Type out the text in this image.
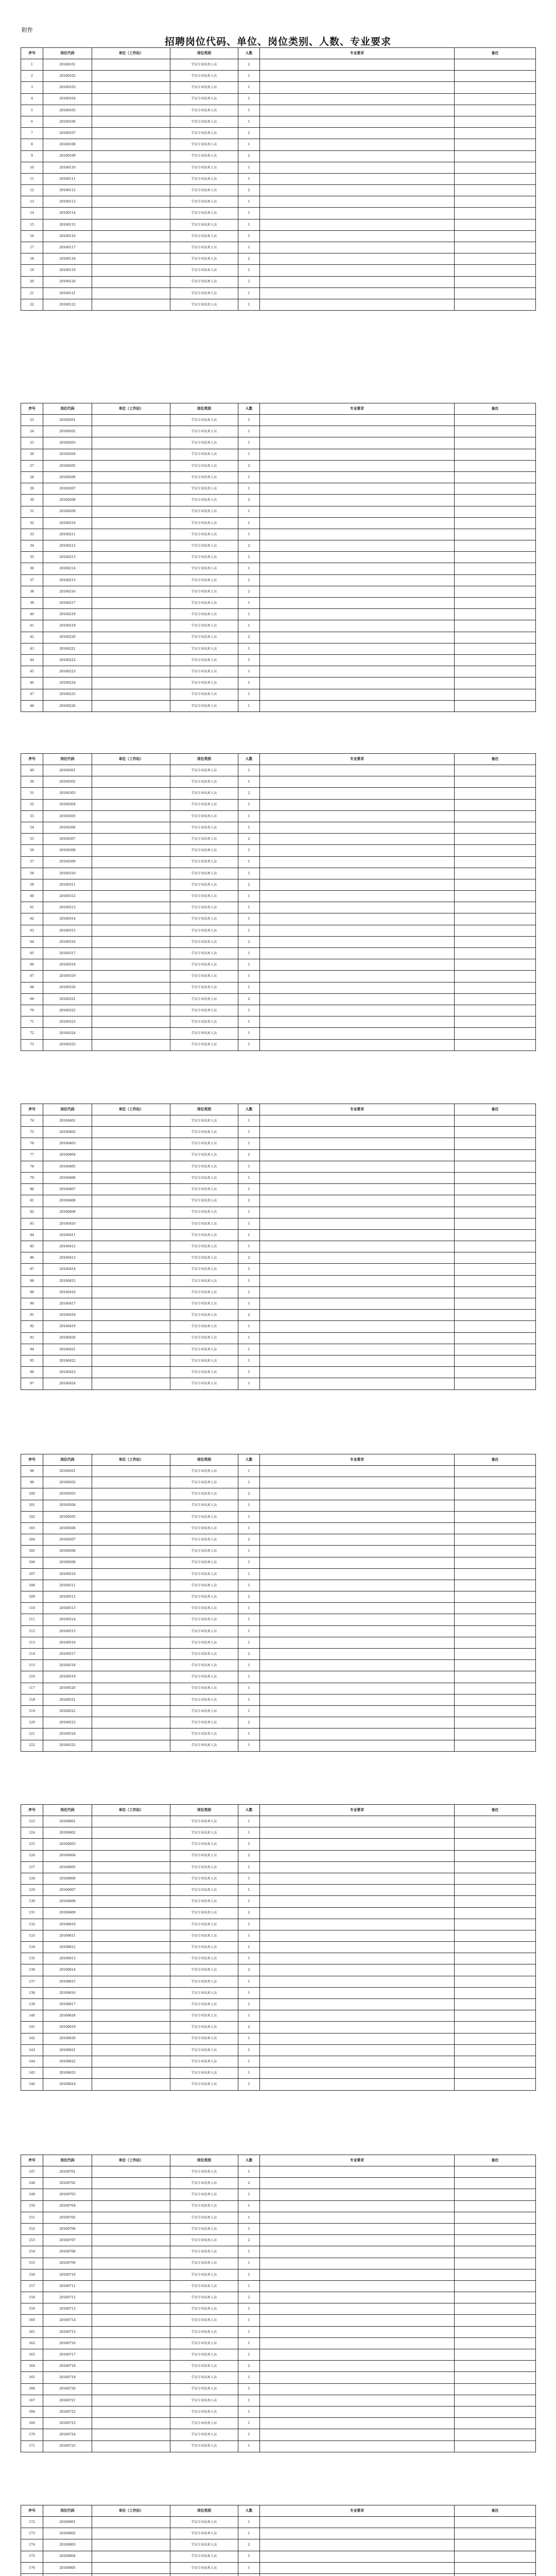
附件
招聘岗位代码、单位、岗位类别、人数、专业要求
序号	岗位代码	单位（工作站）	岗位类别	人数	专业要求	备注
1	20160101		学员专业技术人员	2		
2	20160102		学员专业技术人员	1		
3	20160103		学员专业技术人员	1		
4	20160104		学员专业技术人员	1		
5	20160105		学员专业技术人员	1		
6	20160106		学员专业技术人员	1		
7	20160107		学员专业技术人员	2		
8	20160108		学员专业技术人员	1		
9	20160109		学员专业技术人员	2		
10	20160110		学员专业技术人员	1		
11	20160111		学员专业技术人员	1		
12	20160112		学员专业技术人员	2		
13	20160113		学员专业技术人员	1		
14	20160114		学员专业技术人员	1		
15	20160115		学员专业技术人员	1		
16	20160116		学员专业技术人员	1		
17	20160117		学员专业技术人员	1		
18	20160118		学员专业技术人员	2		
19	20160119		学员专业技术人员	1		
20	20160120		学员专业技术人员	2		
21	20160121		学员专业技术人员	1		
22	20160122		学员专业技术人员	1		
序号	岗位代码	单位（工作站）	岗位类别	人数	专业要求	备注
23	20160201		学员专业技术人员	1		
24	20160202		学员专业技术人员	1		
25	20160203		学员专业技术人员	1		
26	20160204		学员专业技术人员	1		
27	20160205		学员专业技术人员	2		
28	20160206		学员专业技术人员	1		
29	20160207		学员专业技术人员	1		
30	20160208		学员专业技术人员	2		
31	20160209		学员专业技术人员	1		
32	20160210		学员专业技术人员	1		
33	20160211		学员专业技术人员	1		
34	20160212		学员专业技术人员	2		
35	20160213		学员专业技术人员	1		
36	20160214		学员专业技术人员	1		
37	20160215		学员专业技术人员	1		
38	20160216		学员专业技术人员	2		
39	20160217		学员专业技术人员	1		
40	20160218		学员专业技术人员	1		
41	20160219		学员专业技术人员	1		
42	20160220		学员专业技术人员	2		
43	20160221		学员专业技术人员	1		
44	20160222		学员专业技术人员	1		
45	20160223		学员专业技术人员	1		
46	20160224		学员专业技术人员	1		
47	20160225		学员专业技术人员	1		
48	20160226		学员专业技术人员	1		
序号	岗位代码	单位（工作站）	岗位类别	人数	专业要求	备注
49	20160301		学员专业技术人员	1		
50	20160302		学员专业技术人员	1		
51	20160303		学员专业技术人员	2		
52	20160304		学员专业技术人员	1		
53	20160305		学员专业技术人员	1		
54	20160306		学员专业技术人员	1		
55	20160307		学员专业技术人员	2		
56	20160308		学员专业技术人员	1		
57	20160309		学员专业技术人员	1		
58	20160310		学员专业技术人员	1		
59	20160311		学员专业技术人员	2		
60	20160312		学员专业技术人员	1		
61	20160313		学员专业技术人员	1		
62	20160314		学员专业技术人员	1		
63	20160315		学员专业技术人员	1		
64	20160316		学员专业技术人员	2		
65	20160317		学员专业技术人员	1		
66	20160318		学员专业技术人员	1		
67	20160319		学员专业技术人员	1		
68	20160320		学员专业技术人员	1		
69	20160321		学员专业技术人员	2		
70	20160322		学员专业技术人员	1		
71	20160323		学员专业技术人员	1		
72	20160324		学员专业技术人员	1		
73	20160325		学员专业技术人员	1		
序号	岗位代码	单位（工作站）	岗位类别	人数	专业要求	备注
74	20160401		学员专业技术人员	1		
75	20160402		学员专业技术人员	1		
76	20160403		学员专业技术人员	1		
77	20160404		学员专业技术人员	2		
78	20160405		学员专业技术人员	1		
79	20160406		学员专业技术人员	1		
80	20160407		学员专业技术人员	1		
81	20160408		学员专业技术人员	2		
82	20160409		学员专业技术人员	1		
83	20160410		学员专业技术人员	1		
84	20160411		学员专业技术人员	1		
85	20160412		学员专业技术人员	1		
86	20160413		学员专业技术人员	2		
87	20160414		学员专业技术人员	1		
88	20160415		学员专业技术人员	1		
89	20160416		学员专业技术人员	1		
90	20160417		学员专业技术人员	1		
91	20160418		学员专业技术人员	2		
92	20160419		学员专业技术人员	1		
93	20160420		学员专业技术人员	1		
94	20160421		学员专业技术人员	1		
95	20160422		学员专业技术人员	1		
96	20160423		学员专业技术人员	1		
97	20160424		学员专业技术人员	1		
序号	岗位代码	单位（工作站）	岗位类别	人数	专业要求	备注
98	20160501		学员专业技术人员	1		
99	20160502		学员专业技术人员	1		
100	20160503		学员专业技术人员	2		
101	20160504		学员专业技术人员	1		
102	20160505		学员专业技术人员	1		
103	20160506		学员专业技术人员	1		
104	20160507		学员专业技术人员	2		
105	20160508		学员专业技术人员	1		
106	20160509		学员专业技术人员	1		
107	20160510		学员专业技术人员	1		
108	20160511		学员专业技术人员	1		
109	20160512		学员专业技术人员	2		
110	20160513		学员专业技术人员	1		
111	20160514		学员专业技术人员	1		
112	20160515		学员专业技术人员	1		
113	20160516		学员专业技术人员	1		
114	20160517		学员专业技术人员	2		
115	20160518		学员专业技术人员	1		
116	20160519		学员专业技术人员	1		
117	20160520		学员专业技术人员	1		
118	20160521		学员专业技术人员	1		
119	20160522		学员专业技术人员	1		
120	20160523		学员专业技术人员	2		
121	20160524		学员专业技术人员	1		
122	20160525		学员专业技术人员	1		
序号	岗位代码	单位（工作站）	岗位类别	人数	专业要求	备注
123	20160601		学员专业技术人员	1		
124	20160602		学员专业技术人员	1		
125	20160603		学员专业技术人员	1		
126	20160604		学员专业技术人员	2		
127	20160605		学员专业技术人员	1		
128	20160606		学员专业技术人员	1		
129	20160607		学员专业技术人员	1		
130	20160608		学员专业技术人员	1		
131	20160609		学员专业技术人员	2		
132	20160610		学员专业技术人员	1		
133	20160611		学员专业技术人员	1		
134	20160612		学员专业技术人员	1		
135	20160613		学员专业技术人员	1		
136	20160614		学员专业技术人员	2		
137	20160615		学员专业技术人员	1		
138	20160616		学员专业技术人员	1		
139	20160617		学员专业技术人员	1		
140	20160618		学员专业技术人员	1		
141	20160619		学员专业技术人员	2		
142	20160620		学员专业技术人员	1		
143	20160621		学员专业技术人员	1		
144	20160622		学员专业技术人员	1		
145	20160623		学员专业技术人员	1		
146	20160624		学员专业技术人员	1		
序号	岗位代码	单位（工作站）	岗位类别	人数	专业要求	备注
147	20160701		学员专业技术人员	1		
148	20160702		学员专业技术人员	2		
149	20160703		学员专业技术人员	1		
150	20160704		学员专业技术人员	1		
151	20160705		学员专业技术人员	1		
152	20160706		学员专业技术人员	1		
153	20160707		学员专业技术人员	2		
154	20160708		学员专业技术人员	1		
155	20160709		学员专业技术人员	1		
156	20160710		学员专业技术人员	1		
157	20160711		学员专业技术人员	1		
158	20160712		学员专业技术人员	2		
159	20160713		学员专业技术人员	1		
160	20160714		学员专业技术人员	1		
161	20160715		学员专业技术人员	1		
162	20160716		学员专业技术人员	1		
163	20160717		学员专业技术人员	1		
164	20160718		学员专业技术人员	2		
165	20160719		学员专业技术人员	1		
166	20160720		学员专业技术人员	1		
167	20160721		学员专业技术人员	1		
168	20160722		学员专业技术人员	1		
169	20160723		学员专业技术人员	1		
170	20160724		学员专业技术人员	1		
171	20160725		学员专业技术人员	1		
序号	岗位代码	单位（工作站）	岗位类别	人数	专业要求	备注
172	20160801		学员专业技术人员	1		
173	20160802		学员专业技术人员	1		
174	20160803		学员专业技术人员	2		
175	20160804		学员专业技术人员	1		
176	20160805		学员专业技术人员	1		
